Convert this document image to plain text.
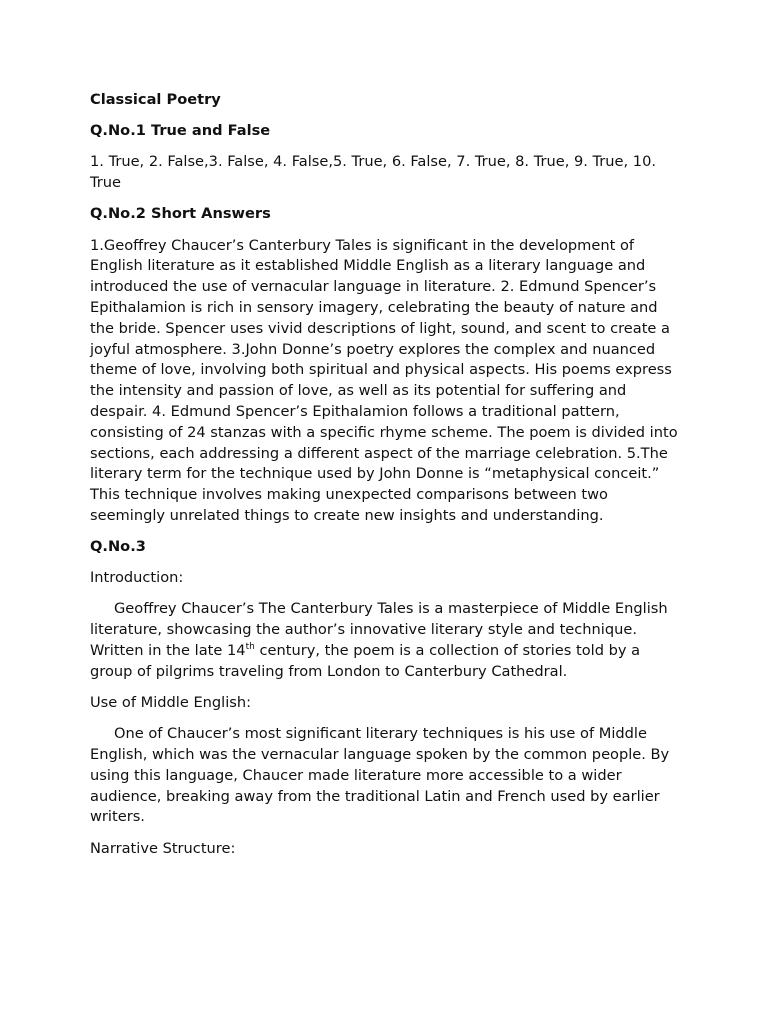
Classical Poetry

Q.No.1 True and False

1. True, 2. False,3. False, 4. False,5. True, 6. False, 7. True, 8. True, 9. True, 10. True

Q.No.2 Short Answers

1.Geoffrey Chaucer’s Canterbury Tales is significant in the development of English literature as it established Middle English as a literary language and introduced the use of vernacular language in literature. 2. Edmund Spencer’s Epithalamion is rich in sensory imagery, celebrating the beauty of nature and the bride. Spencer uses vivid descriptions of light, sound, and scent to create a joyful atmosphere. 3.John Donne’s poetry explores the complex and nuanced theme of love, involving both spiritual and physical aspects. His poems express the intensity and passion of love, as well as its potential for suffering and despair. 4. Edmund Spencer’s Epithalamion follows a traditional pattern, consisting of 24 stanzas with a specific rhyme scheme. The poem is divided into sections, each addressing a different aspect of the marriage celebration. 5.The literary term for the technique used by John Donne is “metaphysical conceit.” This technique involves making unexpected comparisons between two seemingly unrelated things to create new insights and understanding.

Q.No.3

Introduction:

Geoffrey Chaucer’s The Canterbury Tales is a masterpiece of Middle English literature, showcasing the author’s innovative literary style and technique. Written in the late 14th century, the poem is a collection of stories told by a group of pilgrims traveling from London to Canterbury Cathedral.

Use of Middle English:

One of Chaucer’s most significant literary techniques is his use of Middle English, which was the vernacular language spoken by the common people. By using this language, Chaucer made literature more accessible to a wider audience, breaking away from the traditional Latin and French used by earlier writers.

Narrative Structure:
